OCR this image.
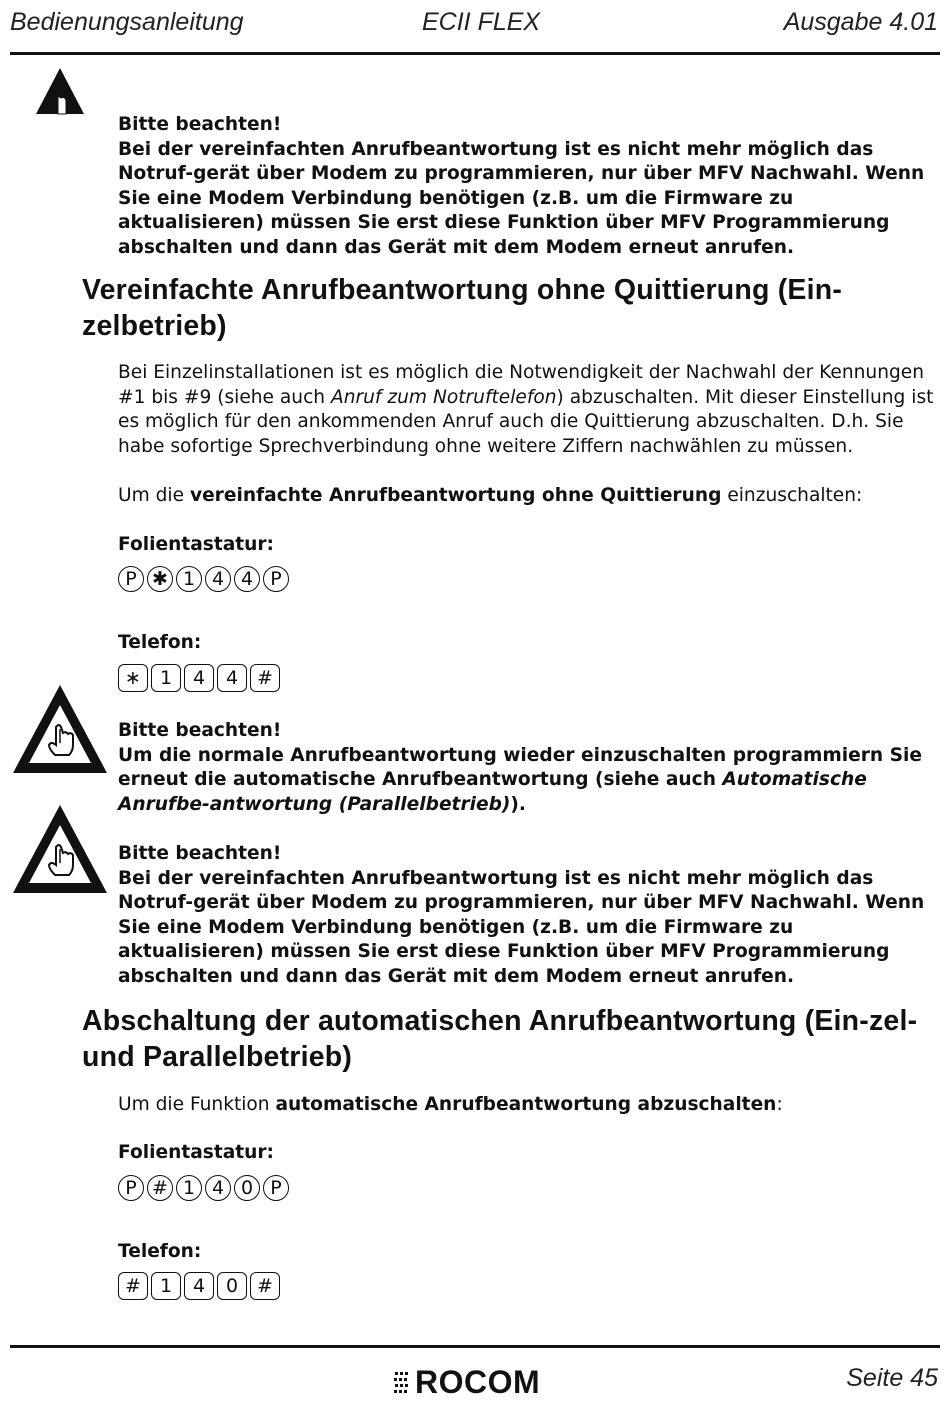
Bedienungsanleitung	ECII FLEX	Ausgabe 4.01
Bitte beachten!
Bei der vereinfachten Anrufbeantwortung ist es nicht mehr möglich das Notruf-gerät über Modem zu programmieren, nur über MFV Nachwahl. Wenn Sie eine Modem Verbindung benötigen (z.B. um die Firmware zu aktualisieren) müssen Sie erst diese Funktion über MFV Programmierung abschalten und dann das Gerät mit dem Modem erneut anrufen.
Vereinfachte Anrufbeantwortung ohne Quittierung (Ein-zelbetrieb)
Bei Einzelinstallationen ist es möglich die Notwendigkeit der Nachwahl der Kennungen #1 bis #9 (siehe auch Anruf zum Notruftelefon) abzuschalten. Mit dieser Einstellung ist es möglich für den ankommenden Anruf auch die Quittierung abzuschalten. D.h. Sie habe sofortige Sprechverbindung ohne weitere Ziffern nachwählen zu müssen.
Um die vereinfachte Anrufbeantwortung ohne Quittierung einzuschalten:
Folientastatur:
P ✱ 1 4 4 P
Telefon:
∗	1	4	4 #
Bitte beachten!
Um die normale Anrufbeantwortung wieder einzuschalten programmiern Sie erneut die automatische Anrufbeantwortung (siehe auch Automatische Anrufbe-antwortung (Parallelbetrieb)).
Bitte beachten!
Bei der vereinfachten Anrufbeantwortung ist es nicht mehr möglich das Notruf-gerät über Modem zu programmieren, nur über MFV Nachwahl. Wenn Sie eine Modem Verbindung benötigen (z.B. um die Firmware zu aktualisieren) müssen Sie erst diese Funktion über MFV Programmierung abschalten und dann das Gerät mit dem Modem erneut anrufen.
Abschaltung der automatischen Anrufbeantwortung (Ein-zel- und Parallelbetrieb)
Um die Funktion automatische Anrufbeantwortung abzuschalten:
Folientastatur:
P # 1 4 0 P
Telefon:
#	1	4	0 #
ROCOM	Seite 45
